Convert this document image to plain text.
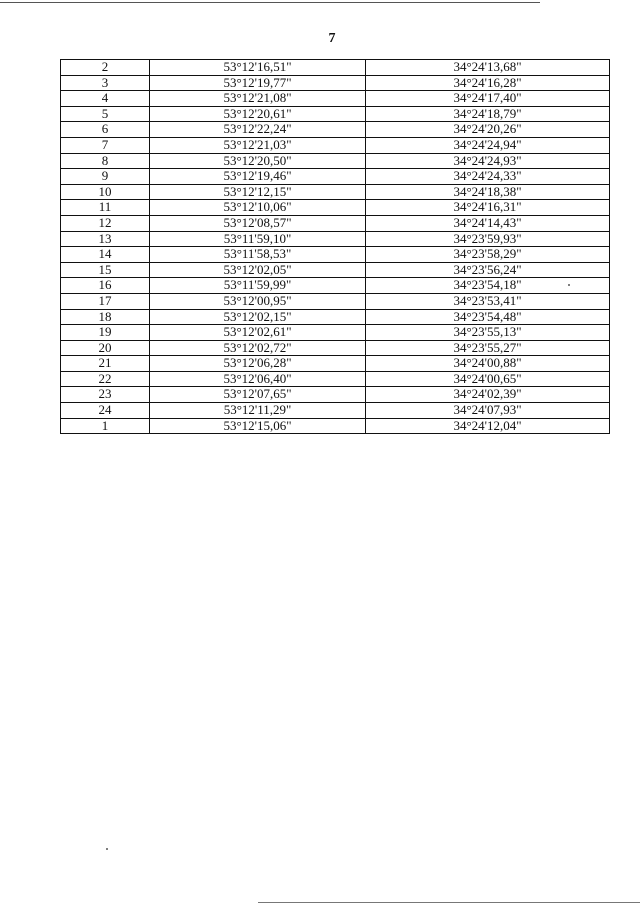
7
2	53°12'16,51"	34°24'13,68"
3	53°12'19,77"	34°24'16,28"
4	53°12'21,08"	34°24'17,40"
5	53°12'20,61"	34°24'18,79"
6	53°12'22,24"	34°24'20,26"
7	53°12'21,03"	34°24'24,94"
8	53°12'20,50"	34°24'24,93"
9	53°12'19,46"	34°24'24,33"
10	53°12'12,15"	34°24'18,38"
11	53°12'10,06"	34°24'16,31"
12	53°12'08,57"	34°24'14,43"
13	53°11'59,10"	34°23'59,93"
14	53°11'58,53"	34°23'58,29"
15	53°12'02,05"	34°23'56,24"
16	53°11'59,99"	34°23'54,18"
17	53°12'00,95"	34°23'53,41"
18	53°12'02,15"	34°23'54,48"
19	53°12'02,61"	34°23'55,13"
20	53°12'02,72"	34°23'55,27"
21	53°12'06,28"	34°24'00,88"
22	53°12'06,40"	34°24'00,65"
23	53°12'07,65"	34°24'02,39"
24	53°12'11,29"	34°24'07,93"
1	53°12'15,06"	34°24'12,04"
